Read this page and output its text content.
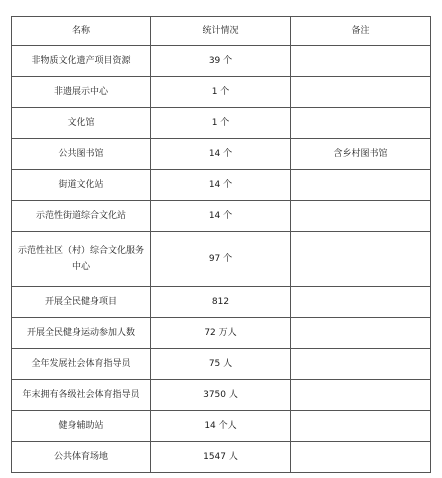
名称	统计情况	备注
非物质文化遗产项目资源	39 个	
非遗展示中心	1 个	
文化馆	1 个	
公共图书馆	14 个	含乡村图书馆
街道文化站	14 个	
示范性街道综合文化站	14 个	
示范性社区（村）综合文化服务中心	97 个	
开展全民健身项目	812	
开展全民健身运动参加人数	72 万人	
全年发展社会体育指导员	75 人	
年末拥有各级社会体育指导员	3750 人	
健身辅助站	14 个人	
公共体育场地	1547 人	
